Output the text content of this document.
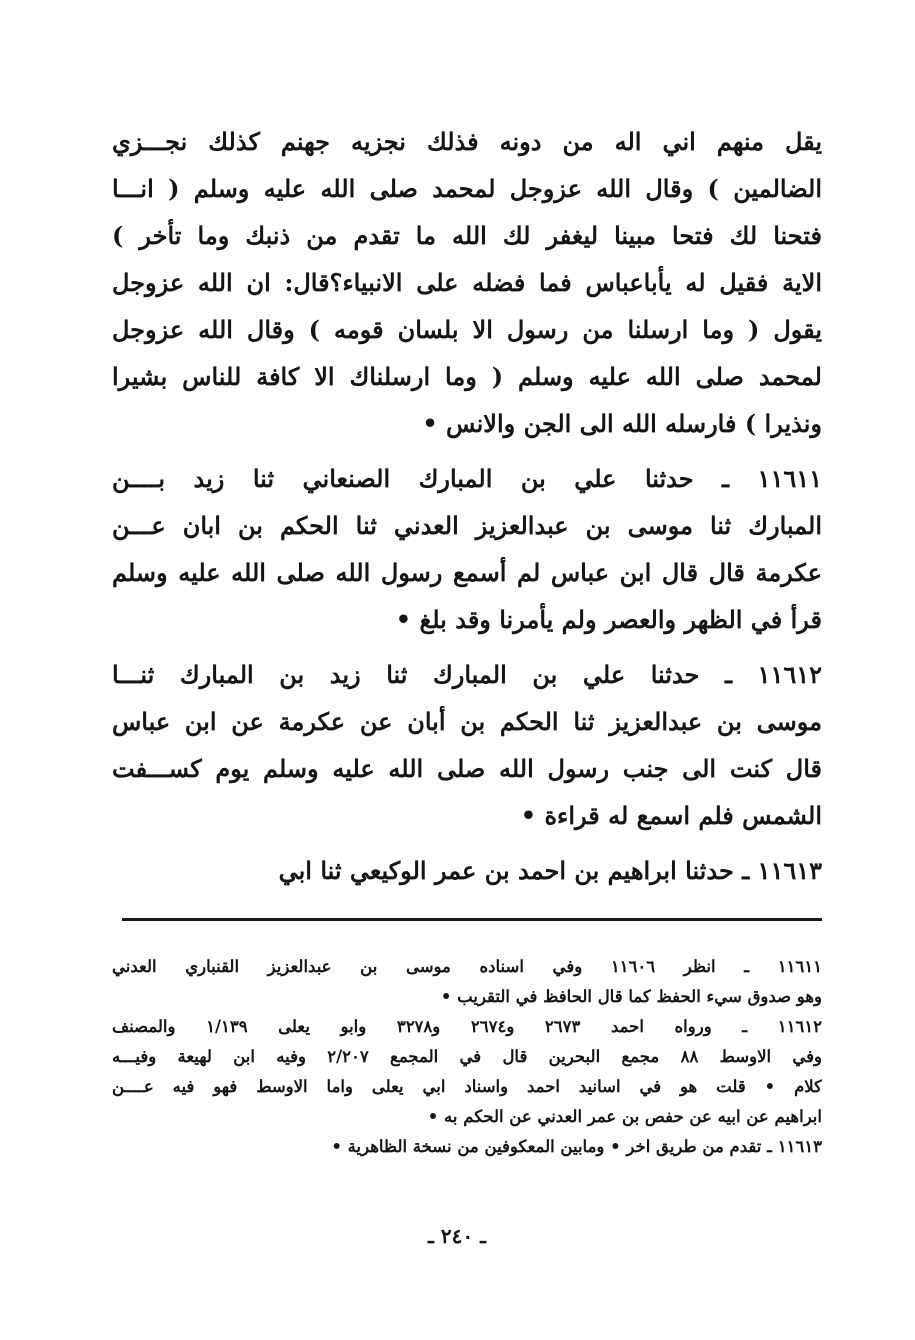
يقل منهم اني اله من دونه فذلك نجزيه جهنم كذلك نجـــزي
الضالمين ) وقال الله عزوجل لمحمد صلى الله عليه وسلم ( انـــا
فتحنا لك فتحا مبينا ليغفر لك الله ما تقدم من ذنبك وما تأخر )
الاية فقيل له يأباعباس فما فضله على الانبياء؟قال: ان الله عزوجل
يقول ( وما ارسلنا من رسول الا بلسان قومه ) وقال الله عزوجل
لمحمد صلى الله عليه وسلم ( وما ارسلناك الا كافة للناس بشيرا
ونذيرا ) فارسله الله الى الجن والانس •
١١٦١١ ـ حدثنا علي بن المبارك الصنعاني ثنا زيد بــــن
المبارك ثنا موسى بن عبدالعزيز العدني ثنا الحكم بن ابان عـــن
عكرمة قال قال ابن عباس لم أسمع رسول الله صلى الله عليه وسلم
قرأ في الظهر والعصر ولم يأمرنا وقد بلغ •
١١٦١٢ ـ حدثنا علي بن المبارك ثنا زيد بن المبارك ثنـــا
موسى بن عبدالعزيز ثنا الحكم بن أبان عن عكرمة عن ابن عباس
قال كنت الى جنب رسول الله صلى الله عليه وسلم يوم كســـفت
الشمس فلم اسمع له قراءة •
١١٦١٣ ـ حدثنا ابراهيم بن احمد بن عمر الوكيعي ثنا ابي
١١٦١١ ـ انظر ١١٦٠٦ وفي اسناده موسى بن عبدالعزيز القنباري العدني
وهو صدوق سيء الحفظ كما قال الحافظ في التقريب •
١١٦١٢ ـ ورواه احمد ٢٦٧٣ و٢٦٧٤ و٣٢٧٨ وابو يعلى ١/١٣٩ والمصنف
وفي الاوسط ٨٨ مجمع البحرين قال في المجمع ٢/٢٠٧ وفيه ابن لهيعة وفيـــه
كلام • قلت هو في اسانيد احمد واسناد ابي يعلى واما الاوسط فهو فيه عــــن
ابراهيم عن ابيه عن حفص بن عمر العدني عن الحكم به •
١١٦١٣ ـ تقدم من طريق اخر • ومابين المعكوفين من نسخة الظاهرية •
ـ ٢٤٠ ـ
